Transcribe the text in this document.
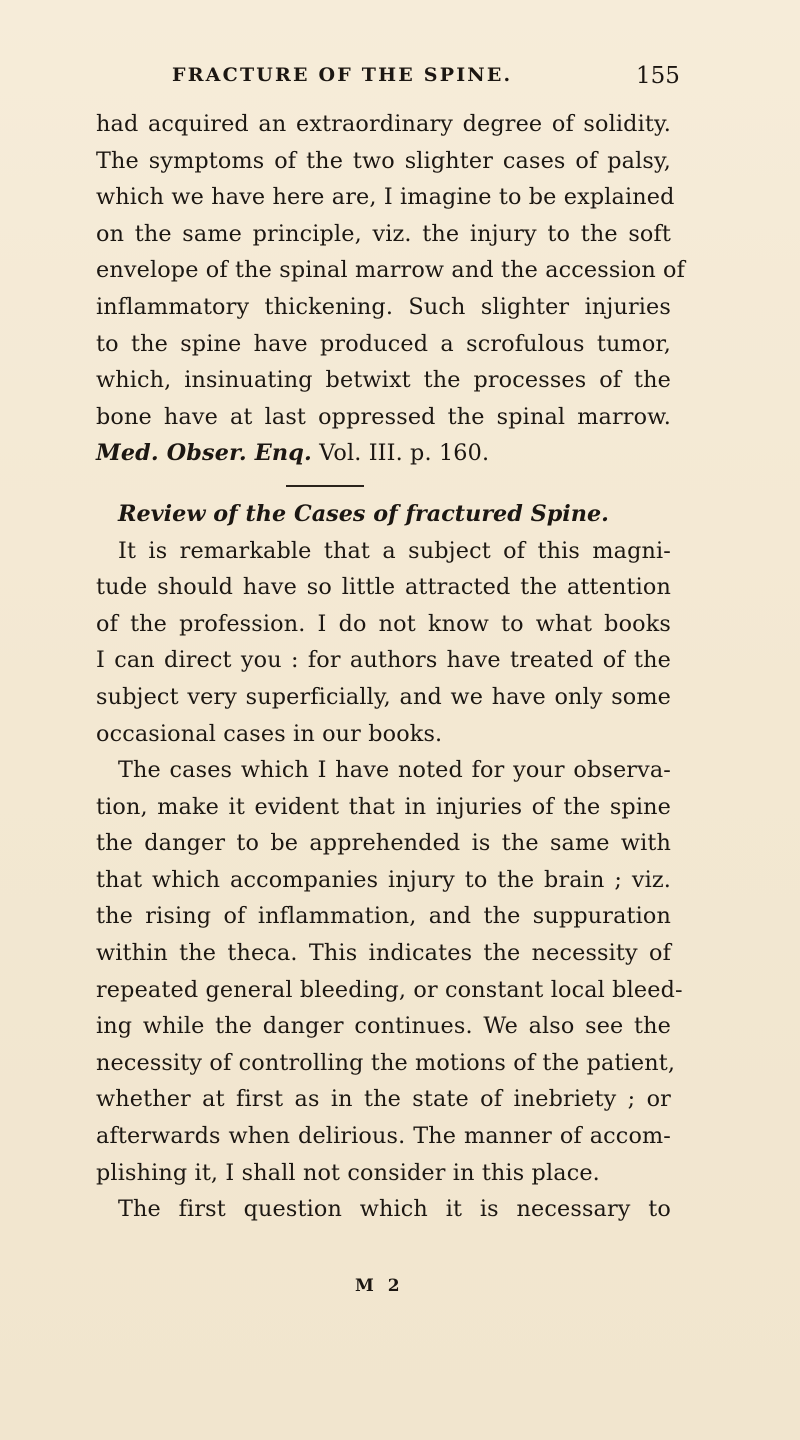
FRACTURE OF THE SPINE.	155
had acquired an extraordinary degree of solidity.
The symptoms of the two slighter cases of palsy,
which we have here are, I imagine to be explained
on the same principle, viz. the injury to the soft
envelope of the spinal marrow and the accession of
inflammatory thickening. Such slighter injuries
to the spine have produced a scrofulous tumor,
which, insinuating betwixt the processes of the
bone have at last oppressed the spinal marrow.
Med. Obser. Enq. Vol. III. p. 160.
Review of the Cases of fractured Spine.
It is remarkable that a subject of this magni-
tude should have so little attracted the attention
of the profession. I do not know to what books
I can direct you : for authors have treated of the
subject very superficially, and we have only some
occasional cases in our books.
The cases which I have noted for your observa-
tion, make it evident that in injuries of the spine
the danger to be apprehended is the same with
that which accompanies injury to the brain ; viz.
the rising of inflammation, and the suppuration
within the theca. This indicates the necessity of
repeated general bleeding, or constant local bleed-
ing while the danger continues. We also see the
necessity of controlling the motions of the patient,
whether at first as in the state of inebriety ; or
afterwards when delirious. The manner of accom-
plishing it, I shall not consider in this place.
The first question which it is necessary to
M 2
